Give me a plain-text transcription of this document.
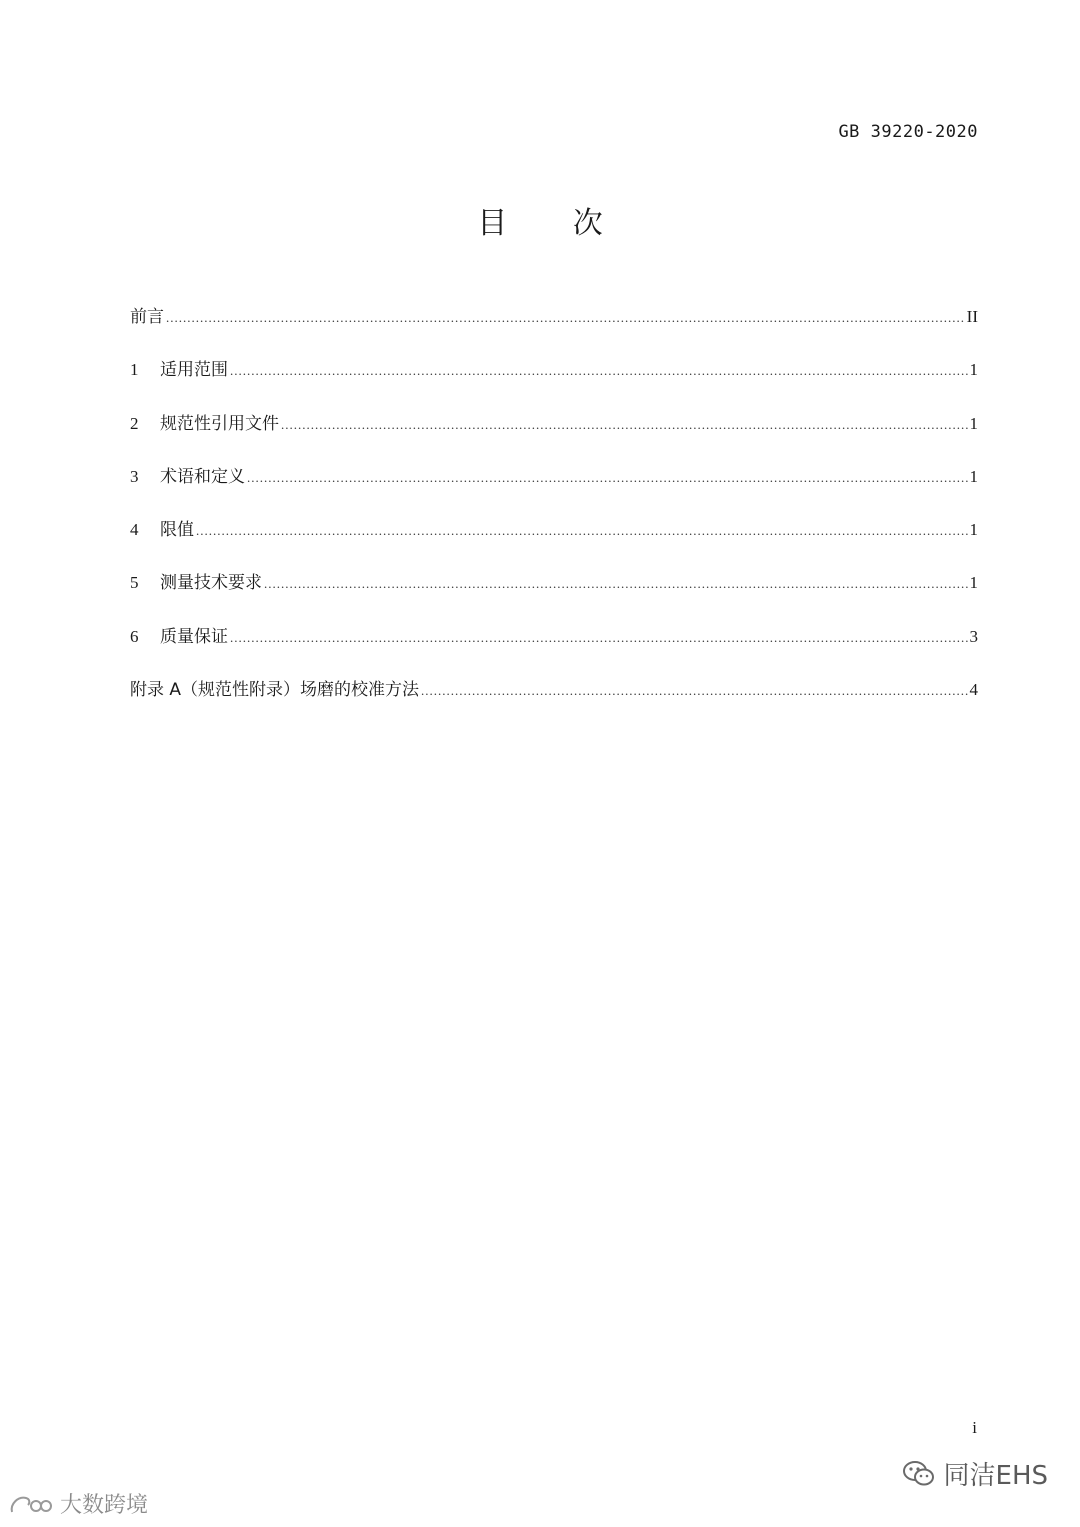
GB 39220-2020
目 次
前言 .....	II
1	适用范围 .....	1
2	规范性引用文件 .....	1
3	术语和定义 .....	1
4	限值 .....	1
5	测量技术要求 .....	1
6	质量保证 .....	3
附录 A（规范性附录）场磨的校准方法 .....	4
i
同洁EHS
大数跨境
